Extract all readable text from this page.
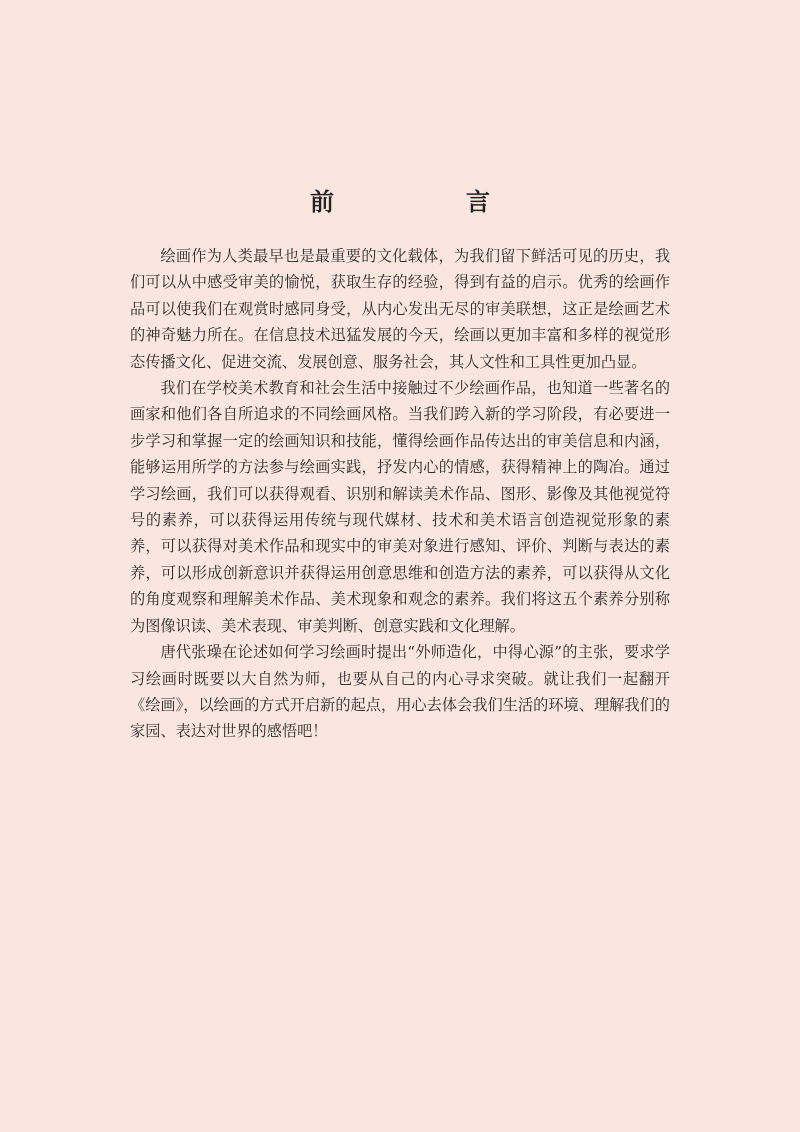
前　言

绘画作为人类最早也是最重要的文化载体，为我们留下鲜活可见的历史，我们可以从中感受审美的愉悦，获取生存的经验，得到有益的启示。优秀的绘画作品可以使我们在观赏时感同身受，从内心发出无尽的审美联想，这正是绘画艺术的神奇魅力所在。在信息技术迅猛发展的今天，绘画以更加丰富和多样的视觉形态传播文化、促进交流、发展创意、服务社会，其人文性和工具性更加凸显。

我们在学校美术教育和社会生活中接触过不少绘画作品，也知道一些著名的画家和他们各自所追求的不同绘画风格。当我们跨入新的学习阶段，有必要进一步学习和掌握一定的绘画知识和技能，懂得绘画作品传达出的审美信息和内涵，能够运用所学的方法参与绘画实践，抒发内心的情感，获得精神上的陶冶。通过学习绘画，我们可以获得观看、识别和解读美术作品、图形、影像及其他视觉符号的素养，可以获得运用传统与现代媒材、技术和美术语言创造视觉形象的素养，可以获得对美术作品和现实中的审美对象进行感知、评价、判断与表达的素养，可以形成创新意识并获得运用创意思维和创造方法的素养，可以获得从文化的角度观察和理解美术作品、美术现象和观念的素养。我们将这五个素养分别称为图像识读、美术表现、审美判断、创意实践和文化理解。

唐代张璪在论述如何学习绘画时提出“外师造化，中得心源”的主张，要求学习绘画时既要以大自然为师，也要从自己的内心寻求突破。就让我们一起翻开《绘画》，以绘画的方式开启新的起点，用心去体会我们生活的环境、理解我们的家园、表达对世界的感悟吧！
